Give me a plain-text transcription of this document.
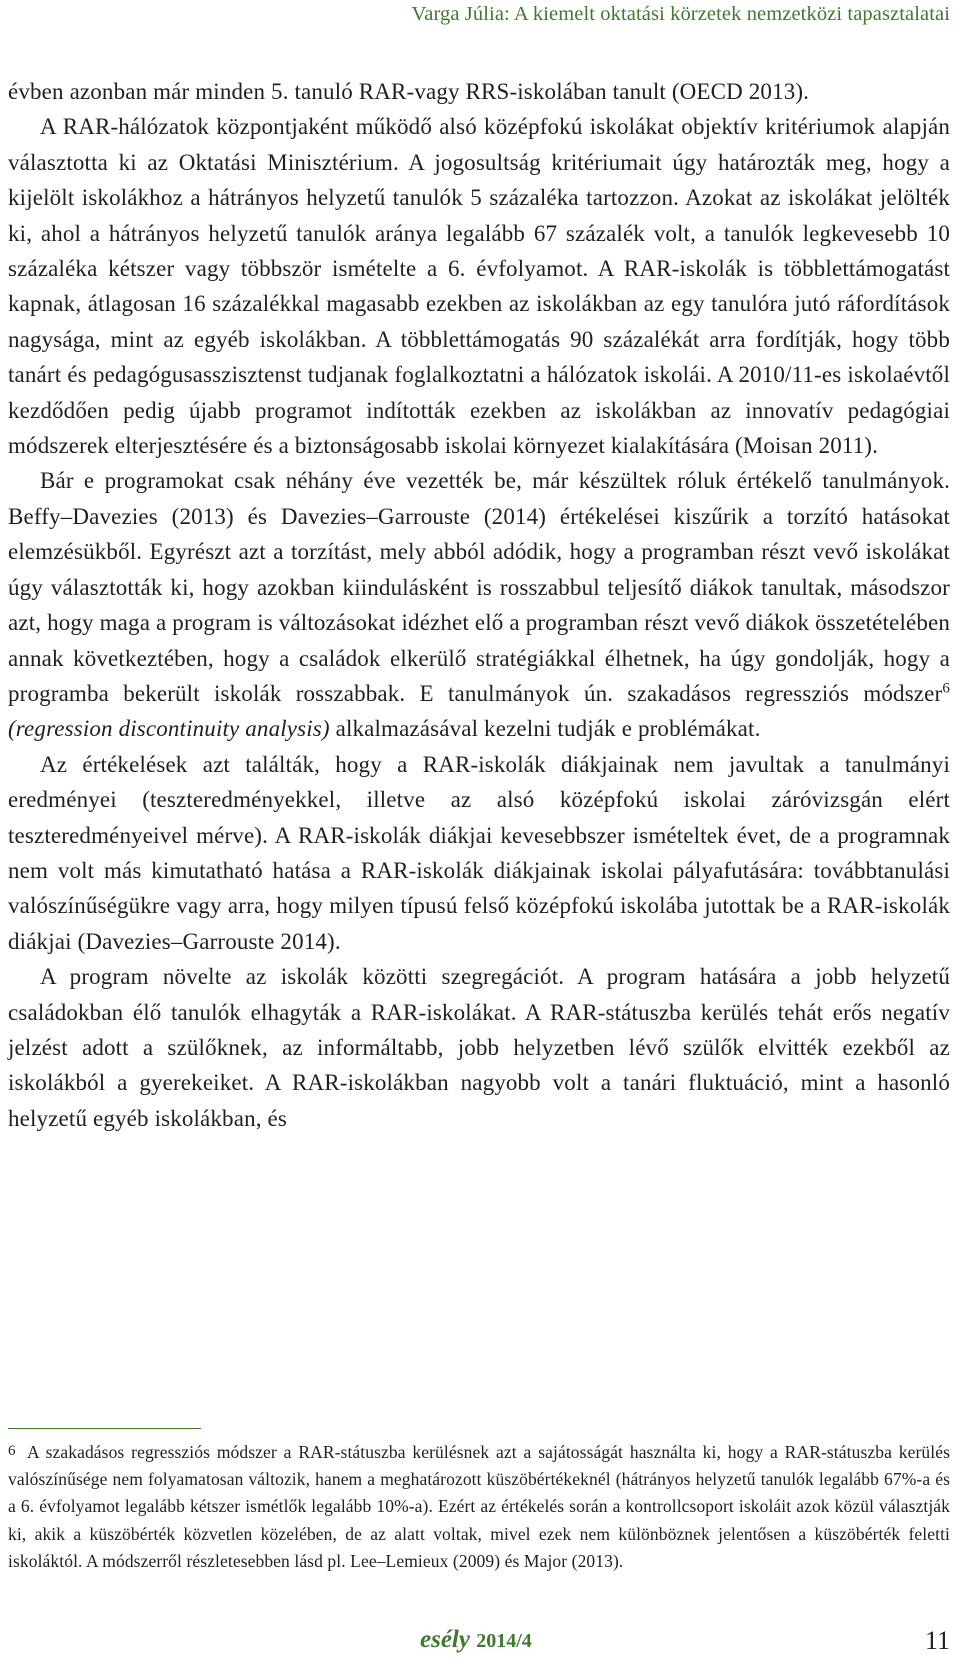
Varga Júlia: A kiemelt oktatási körzetek nemzetközi tapasztalatai

évben azonban már minden 5. tanuló RAR-vagy RRS-iskolában tanult (OECD 2013).

A RAR-hálózatok központjaként működő alsó középfokú iskolákat objektív kritériumok alapján választotta ki az Oktatási Minisztérium. A jogosultság kritériumait úgy határozták meg, hogy a kijelölt iskolákhoz a hátrányos helyzetű tanulók 5 százaléka tartozzon. Azokat az iskolákat jelölték ki, ahol a hátrányos helyzetű tanulók aránya legalább 67 százalék volt, a tanulók legkevesebb 10 százaléka kétszer vagy többször ismételte a 6. évfolyamot. A RAR-iskolák is többlettámogatást kapnak, átlagosan 16 százalékkal magasabb ezekben az iskolákban az egy tanulóra jutó ráfordítások nagysága, mint az egyéb iskolákban. A többlettámogatás 90 százalékát arra fordítják, hogy több tanárt és pedagógusasszisztenst tudjanak foglalkoztatni a hálózatok iskolái. A 2010/11-es iskolaévtől kezdődően pedig újabb programot indították ezekben az iskolákban az innovatív pedagógiai módszerek elterjesztésére és a biztonságosabb iskolai környezet kialakítására (Moisan 2011).

Bár e programokat csak néhány éve vezették be, már készültek róluk értékelő tanulmányok. Beffy–Davezies (2013) és Davezies–Garrouste (2014) értékelései kiszűrik a torzító hatásokat elemzésükből. Egyrészt azt a torzítást, mely abból adódik, hogy a programban részt vevő iskolákat úgy választották ki, hogy azokban kiindulásként is rosszabbul teljesítő diákok tanultak, másodszor azt, hogy maga a program is változásokat idézhet elő a programban részt vevő diákok összetételében annak következtében, hogy a családok elkerülő stratégiákkal élhetnek, ha úgy gondolják, hogy a programba bekerült iskolák rosszabbak. E tanulmányok ún. szakadásos regressziós módszer$^6$ (regression discontinuity analysis) alkalmazásával kezelni tudják e problémákat.

Az értékelések azt találták, hogy a RAR-iskolák diákjainak nem javultak a tanulmányi eredményei (teszteredményekkel, illetve az alsó középfokú iskolai záróvizsgán elért teszteredményeivel mérve). A RAR-iskolák diákjai kevesebbszer ismételtek évet, de a programnak nem volt más kimutatható hatása a RAR-iskolák diákjainak iskolai pályafutására: továbbtanulási valószínűségükre vagy arra, hogy milyen típusú felső középfokú iskolába jutottak be a RAR-iskolák diákjai (Davezies–Garrouste 2014).

A program növelte az iskolák közötti szegregációt. A program hatására a jobb helyzetű családokban élő tanulók elhagyták a RAR-iskolákat. A RAR-státuszba kerülés tehát erős negatív jelzést adott a szülőknek, az informáltabb, jobb helyzetben lévő szülők elvitték ezekből az iskolákból a gyerekeiket. A RAR-iskolákban nagyobb volt a tanári fluktuáció, mint a hasonló helyzetű egyéb iskolákban, és

6 A szakadásos regressziós módszer a RAR-státuszba kerülésnek azt a sajátosságát használta ki, hogy a RAR-státuszba kerülés valószínűsége nem folyamatosan változik, hanem a meghatározott küszöbértékeknél (hátrányos helyzetű tanulók legalább 67%-a és a 6. évfolyamot legalább kétszer ismétlők legalább 10%-a). Ezért az értékelés során a kontrollcsoport iskoláit azok közül választják ki, akik a küszöbérték közvetlen közelében, de az alatt voltak, mivel ezek nem különböznek jelentősen a küszöbérték feletti iskoláktól. A módszerről részletesebben lásd pl. Lee–Lemieux (2009) és Major (2013).
esély 2014/4	11
